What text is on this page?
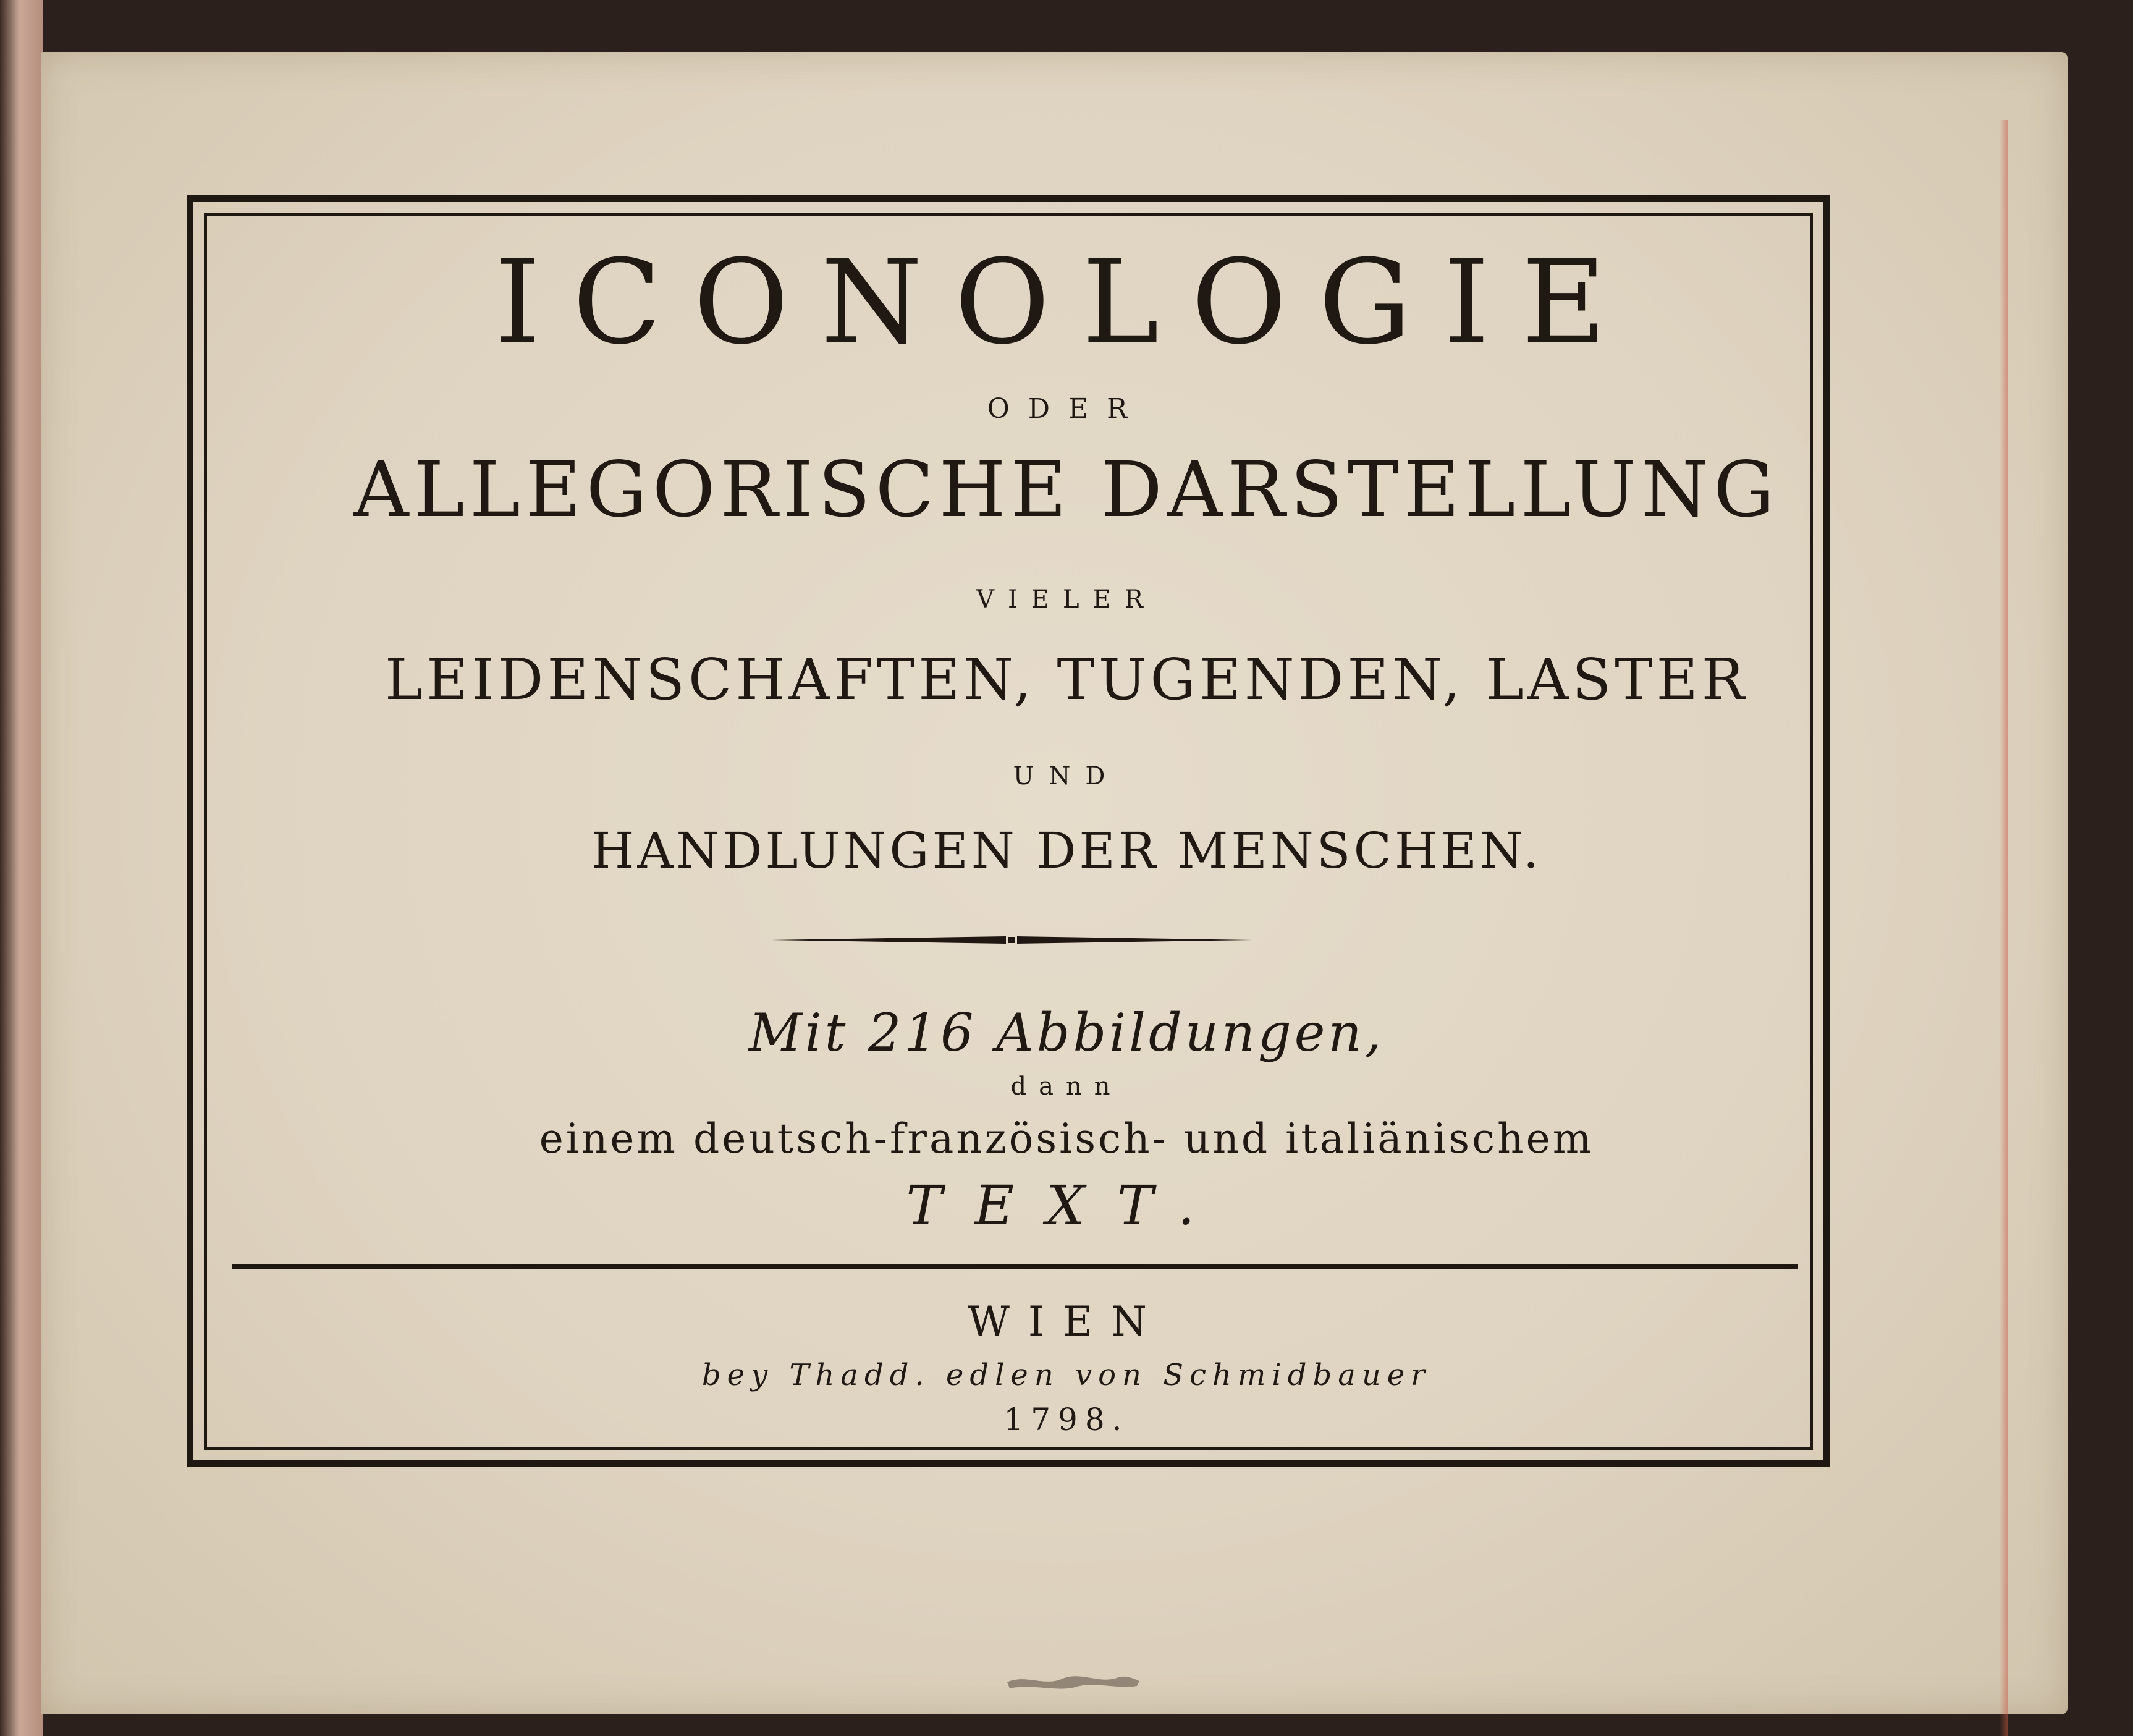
ICONOLOGIE
ODER
ALLEGORISCHE DARSTELLUNG
VIELER
LEIDENSCHAFTEN, TUGENDEN, LASTER
UND
HANDLUNGEN DER MENSCHEN.
Mit 216 Abbildungen,
dann
einem deutsch-französisch- und italiänischem
TEXT.
WIEN
bey Thadd. edlen von Schmidbauer
1798.
